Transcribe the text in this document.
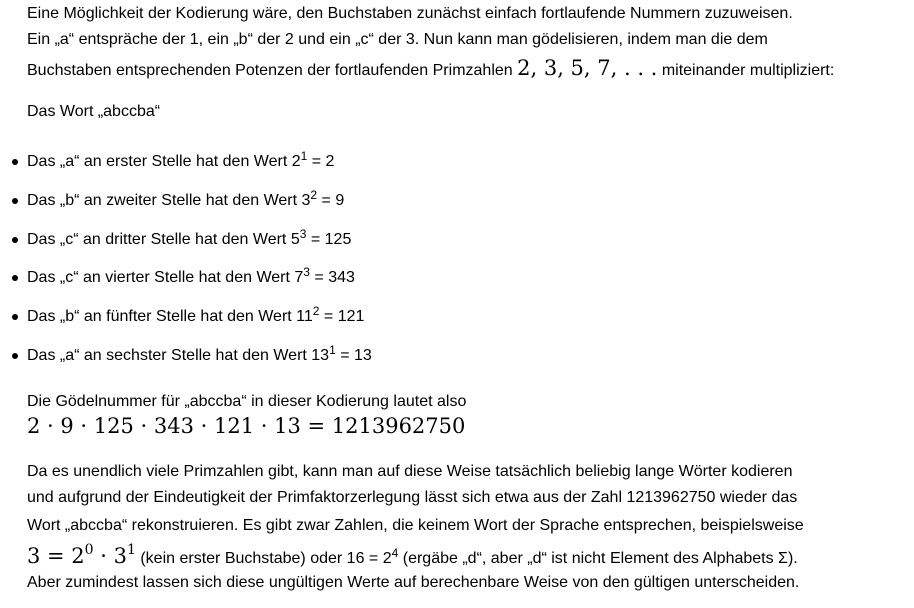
Eine Möglichkeit der Kodierung wäre, den Buchstaben zunächst einfach fortlaufende Nummern zuzuweisen.
Ein „a“ entspräche der 1, ein „b“ der 2 und ein „c“ der 3. Nun kann man gödelisieren, indem man die dem
Buchstaben entsprechenden Potenzen der fortlaufenden Primzahlen 2, 3, 5, 7, . . . miteinander multipliziert:
Das Wort „abccba“
Das „a“ an erster Stelle hat den Wert $2^1 = 2$
Das „b“ an zweiter Stelle hat den Wert $3^2 = 9$
Das „c“ an dritter Stelle hat den Wert $5^3 = 125$
Das „c“ an vierter Stelle hat den Wert $7^3 = 343$
Das „b“ an fünfter Stelle hat den Wert $11^2 = 121$
Das „a“ an sechster Stelle hat den Wert $13^1 = 13$
Die Gödelnummer für „abccba“ in dieser Kodierung lautet also
2 · 9 · 125 · 343 · 121 · 13 = 1213962750
Da es unendlich viele Primzahlen gibt, kann man auf diese Weise tatsächlich beliebig lange Wörter kodieren
und aufgrund der Eindeutigkeit der Primfaktorzerlegung lässt sich etwa aus der Zahl 1213962750 wieder das
Wort „abccba“ rekonstruieren. Es gibt zwar Zahlen, die keinem Wort der Sprache entsprechen, beispielsweise
$3 = 2^0 \cdot 3^1$ (kein erster Buchstabe) oder $16 = 2^4$ (ergäbe „d“, aber „d“ ist nicht Element des Alphabets Σ).
Aber zumindest lassen sich diese ungültigen Werte auf berechenbare Weise von den gültigen unterscheiden.
